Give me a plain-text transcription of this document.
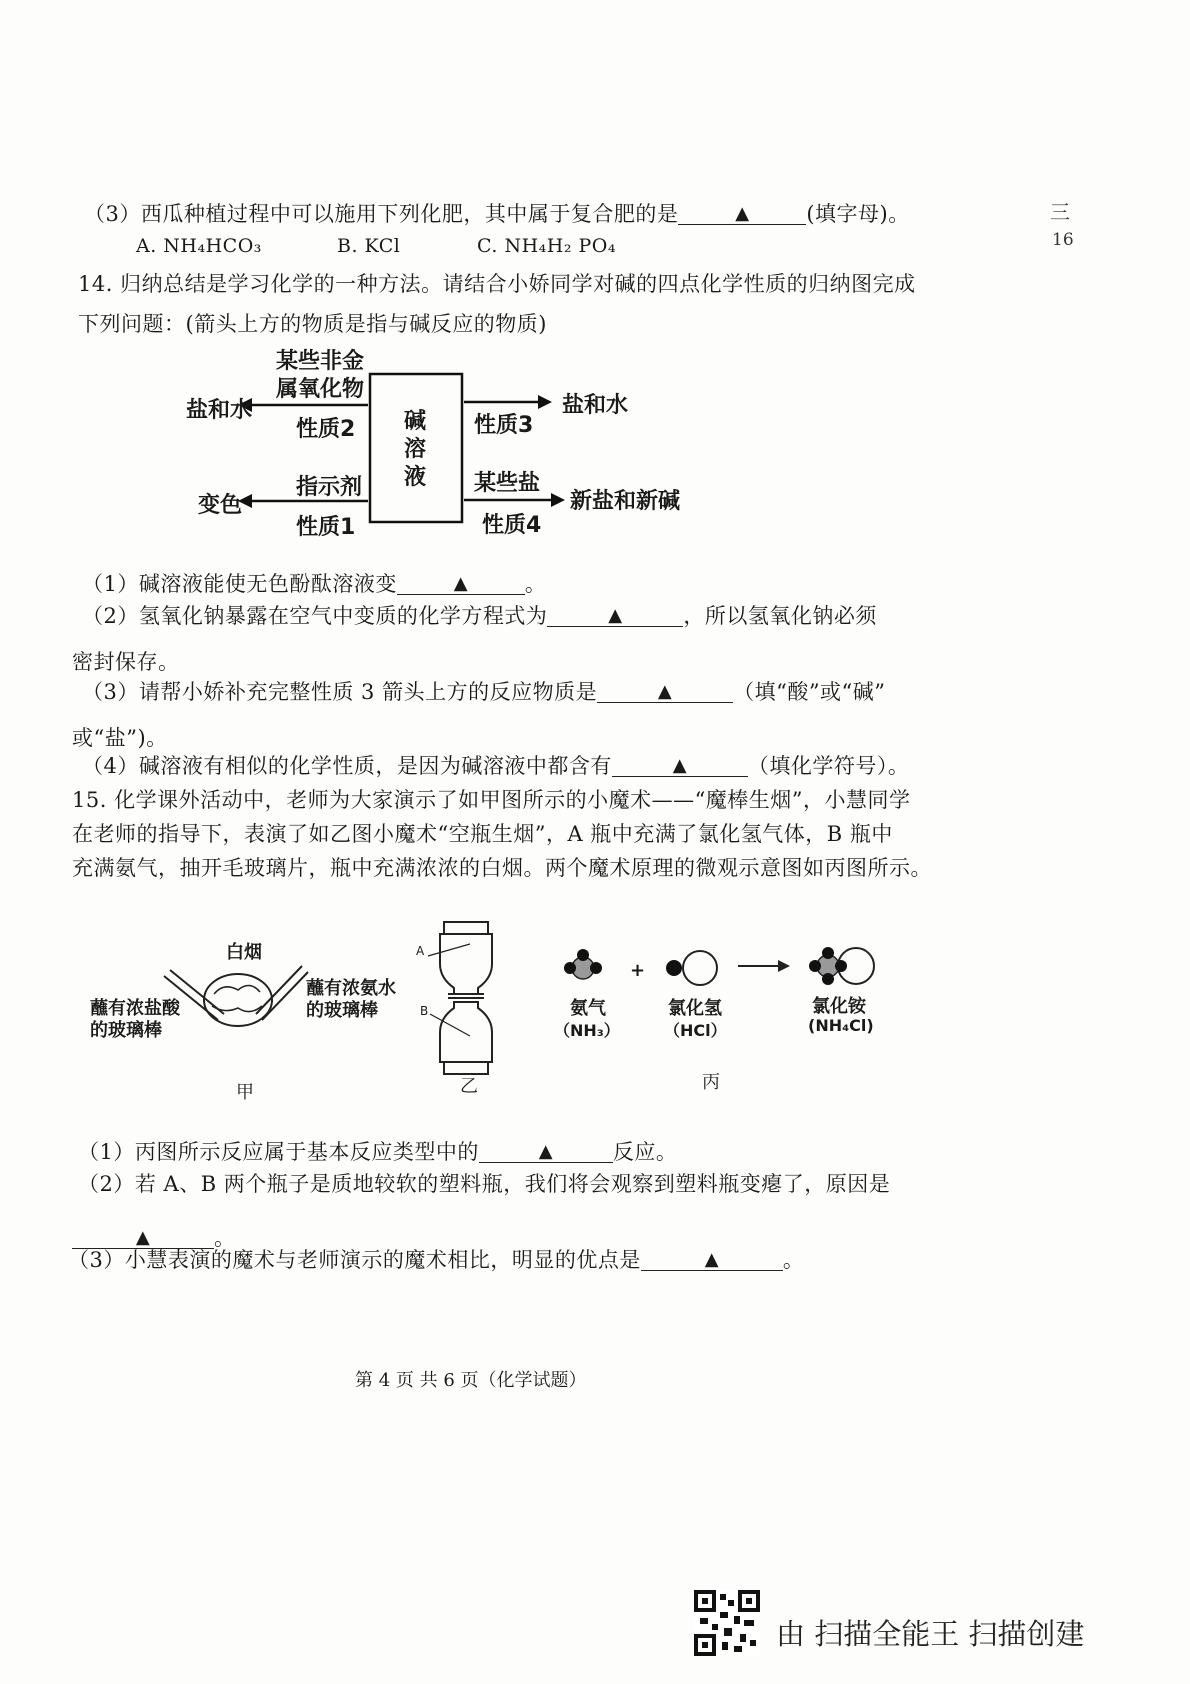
三
16
（3）西瓜种植过程中可以施用下列化肥，其中属于复合肥的是	▲	(填字母)。
A. NH₄HCO₃	B. KCl	C. NH₄H₂ PO₄
14. 归纳总结是学习化学的一种方法。请结合小娇同学对碱的四点化学性质的归纳图完成
下列问题：(箭头上方的物质是指与碱反应的物质)
碱
溶
液
某些非金
属氧化物
性质2
盐和水
指示剂
性质1
变色
性质3
盐和水
某些盐
性质4
新盐和新碱
（1）碱溶液能使无色酚酞溶液变	▲	。
（2）氢氧化钠暴露在空气中变质的化学方程式为	▲	，所以氢氧化钠必须
密封保存。
（3）请帮小娇补充完整性质 3 箭头上方的反应物质是	▲	（填“酸”或“碱”
或“盐”)。
（4）碱溶液有相似的化学性质，是因为碱溶液中都含有	▲	（填化学符号）。
15. 化学课外活动中，老师为大家演示了如甲图所示的小魔术——“魔棒生烟”，小慧同学
在老师的指导下，表演了如乙图小魔术“空瓶生烟”，A 瓶中充满了氯化氢气体，B 瓶中
充满氨气，抽开毛玻璃片，瓶中充满浓浓的白烟。两个魔术原理的微观示意图如丙图所示。
白烟
蘸有浓盐酸
的玻璃棒
蘸有浓氨水
的玻璃棒
甲
A
B
乙
氨气
（NH₃）
+
氯化氢
（HCl）
氯化铵
(NH₄Cl)
丙
（1）丙图所示反应属于基本反应类型中的	▲	反应。
（2）若 A、B 两个瓶子是质地较软的塑料瓶，我们将会观察到塑料瓶变瘪了，原因是
▲	。
（3）小慧表演的魔术与老师演示的魔术相比，明显的优点是	▲	。
第 4 页 共 6 页（化学试题）
由 扫描全能王 扫描创建
